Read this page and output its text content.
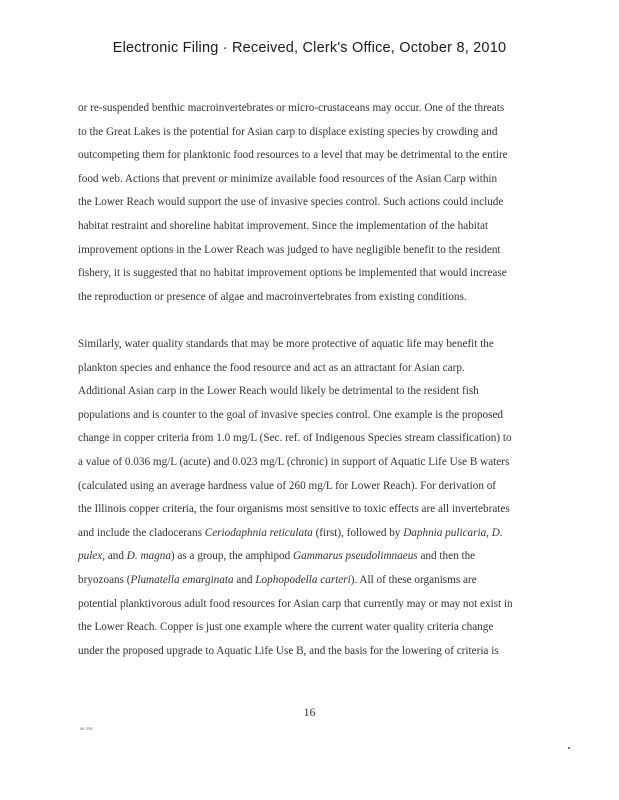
Electronic Filing · Received, Clerk's Office, October 8, 2010
or re-suspended benthic macroinvertebrates or micro-crustaceans may occur. One of the threats
to the Great Lakes is the potential for Asian carp to displace existing species by crowding and
outcompeting them for planktonic food resources to a level that may be detrimental to the entire
food web. Actions that prevent or minimize available food resources of the Asian Carp within
the Lower Reach would support the use of invasive species control. Such actions could include
habitat restraint and shoreline habitat improvement. Since the implementation of the habitat
improvement options in the Lower Reach was judged to have negligible benefit to the resident
fishery, it is suggested that no habitat improvement options be implemented that would increase
the reproduction or presence of algae and macroinvertebrates from existing conditions.
Similarly, water quality standards that may be more protective of aquatic life may benefit the
plankton species and enhance the food resource and act as an attractant for Asian carp.
Additional Asian carp in the Lower Reach would likely be detrimental to the resident fish
populations and is counter to the goal of invasive species control. One example is the proposed
change in copper criteria from 1.0 mg/L (Sec. ref. of Indigenous Species stream classification) to
a value of 0.036 mg/L (acute) and 0.023 mg/L (chronic) in support of Aquatic Life Use B waters
(calculated using an average hardness value of 260 mg/L for Lower Reach). For derivation of
the Illinois copper criteria, the four organisms most sensitive to toxic effects are all invertebrates
and include the cladocerans Ceriodaphnia reticulata (first), followed by Daphnia pulicaria, D.
pulex, and D. magna) as a group, the amphipod Gammarus pseudolimnaeus and then the
bryozoans (Plumatella emarginata and Lophopodella carteri). All of these organisms are
potential planktivorous adult food resources for Asian carp that currently may or may not exist in
the Lower Reach. Copper is just one example where the current water quality criteria change
under the proposed upgrade to Aquatic Life Use B, and the basis for the lowering of criteria is
16
ML-RR
